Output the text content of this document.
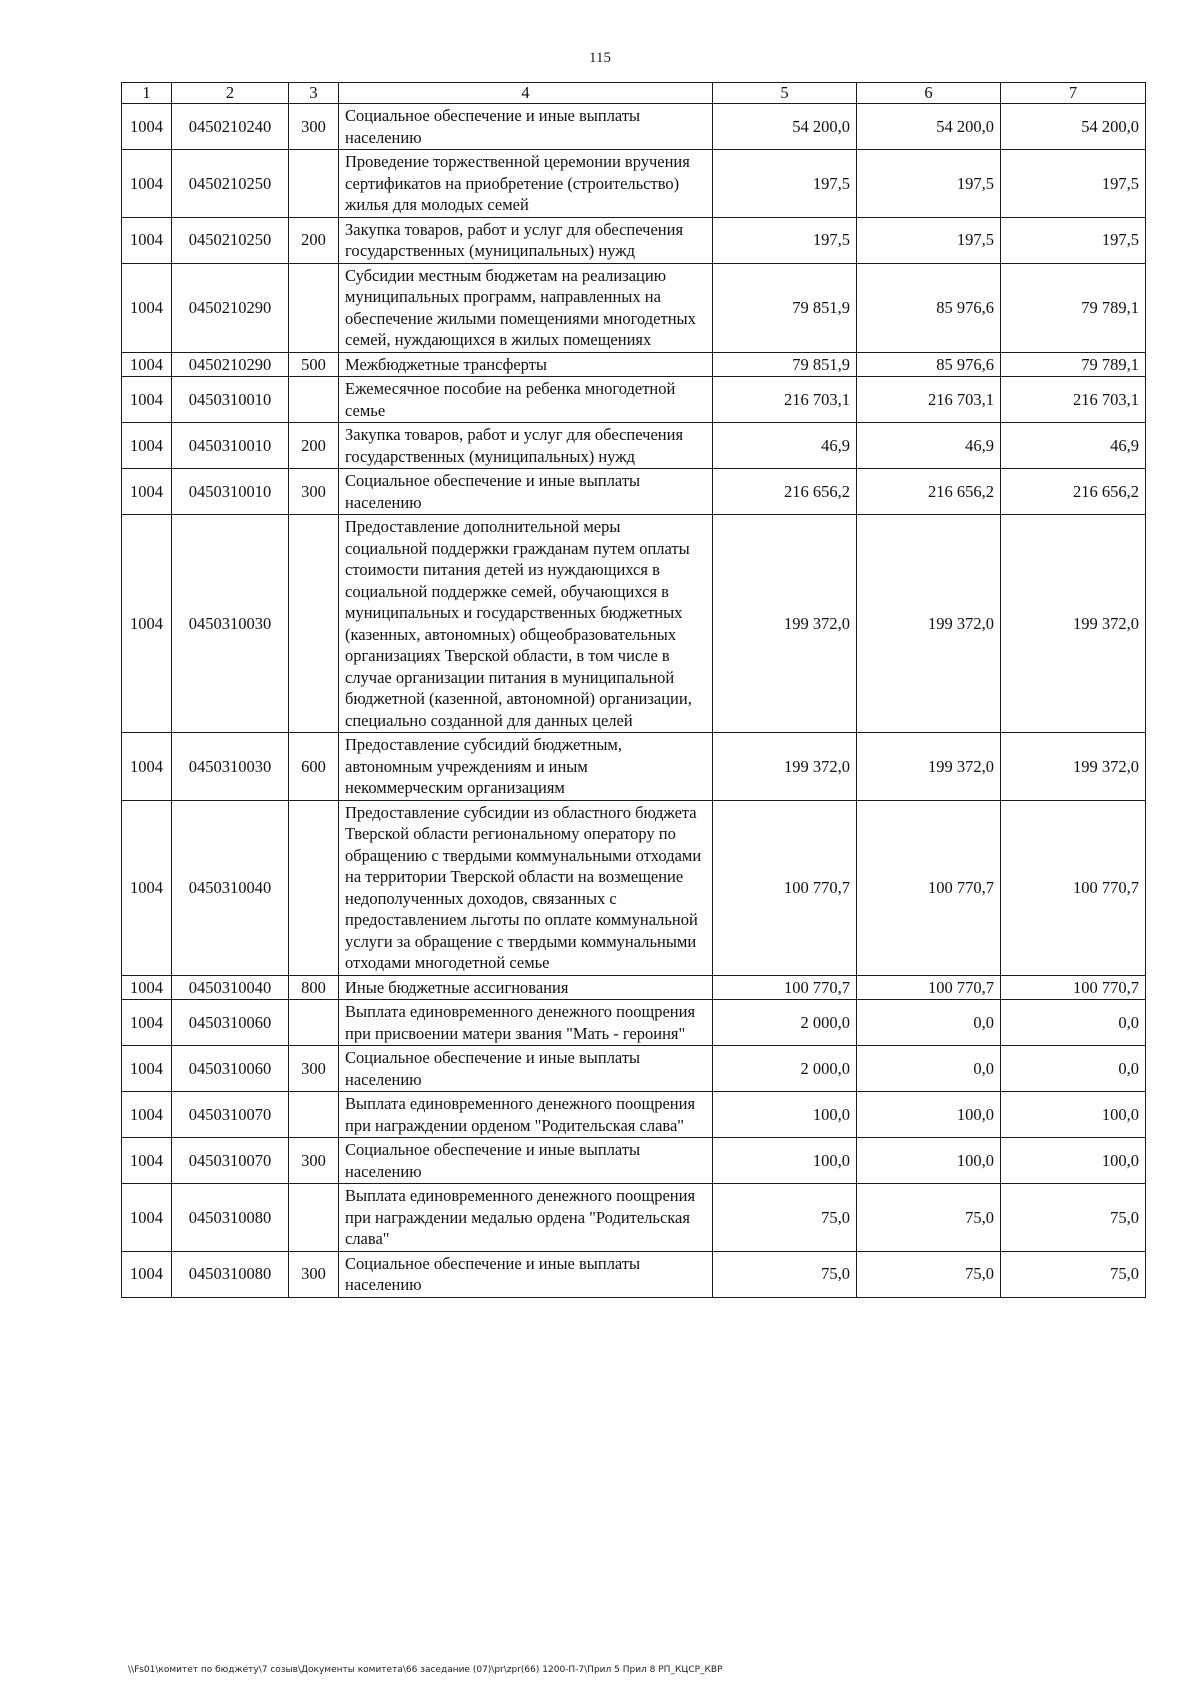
115
1	2	3	4	5	6	7
1004	0450210240	300	Социальное обеспечение и иные выплаты населению	54 200,0	54 200,0	54 200,0
1004	0450210250		Проведение торжественной церемонии вручения сертификатов на приобретение (строительство) жилья для молодых семей	197,5	197,5	197,5
1004	0450210250	200	Закупка товаров, работ и услуг для обеспечения государственных (муниципальных) нужд	197,5	197,5	197,5
1004	0450210290		Субсидии местным бюджетам на реализацию муниципальных программ, направленных на обеспечение жилыми помещениями многодетных семей, нуждающихся в жилых помещениях	79 851,9	85 976,6	79 789,1
1004	0450210290	500	Межбюджетные трансферты	79 851,9	85 976,6	79 789,1
1004	0450310010		Ежемесячное пособие на ребенка многодетной семье	216 703,1	216 703,1	216 703,1
1004	0450310010	200	Закупка товаров, работ и услуг для обеспечения государственных (муниципальных) нужд	46,9	46,9	46,9
1004	0450310010	300	Социальное обеспечение и иные выплаты населению	216 656,2	216 656,2	216 656,2
1004	0450310030		Предоставление дополнительной меры социальной поддержки гражданам путем оплаты стоимости питания детей из нуждающихся в социальной поддержке семей, обучающихся в муниципальных и государственных бюджетных (казенных, автономных) общеобразовательных организациях Тверской области, в том числе в случае организации питания в муниципальной бюджетной (казенной, автономной) организации, специально созданной для данных целей	199 372,0	199 372,0	199 372,0
1004	0450310030	600	Предоставление субсидий бюджетным, автономным учреждениям и иным некоммерческим организациям	199 372,0	199 372,0	199 372,0
1004	0450310040		Предоставление субсидии из областного бюджета Тверской области региональному оператору по обращению с твердыми коммунальными отходами на территории Тверской области на возмещение недополученных доходов, связанных с предоставлением льготы по оплате коммунальной услуги за обращение с твердыми коммунальными отходами многодетной семье	100 770,7	100 770,7	100 770,7
1004	0450310040	800	Иные бюджетные ассигнования	100 770,7	100 770,7	100 770,7
1004	0450310060		Выплата единовременного денежного поощрения при присвоении матери звания "Мать - героиня"	2 000,0	0,0	0,0
1004	0450310060	300	Социальное обеспечение и иные выплаты населению	2 000,0	0,0	0,0
1004	0450310070		Выплата единовременного денежного поощрения при награждении орденом "Родительская слава"	100,0	100,0	100,0
1004	0450310070	300	Социальное обеспечение и иные выплаты населению	100,0	100,0	100,0
1004	0450310080		Выплата единовременного денежного поощрения при награждении медалью ордена "Родительская слава"	75,0	75,0	75,0
1004	0450310080	300	Социальное обеспечение и иные выплаты населению	75,0	75,0	75,0
\\Fs01\комитет по бюджету\7 созыв\Документы комитета\66 заседание (07)\pr\zpr(66) 1200-П-7\Прил 5 Прил 8 РП_КЦСР_КВР
